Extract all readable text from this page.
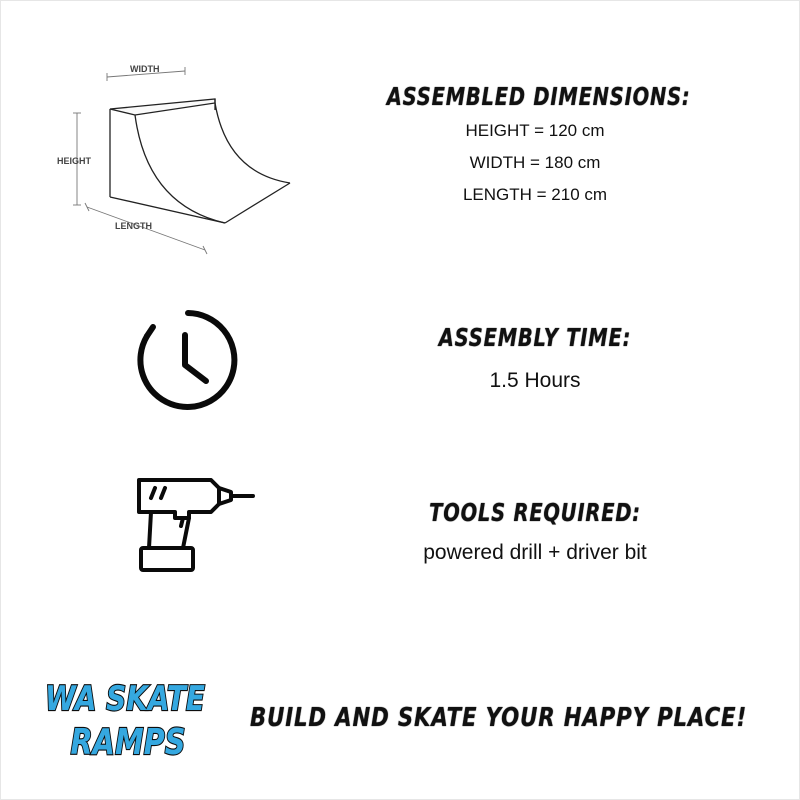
WIDTH
HEIGHT
LENGTH
ASSEMBLED DIMENSIONS:
HEIGHT = 120 cm
WIDTH = 180 cm
LENGTH = 210 cm
ASSEMBLY TIME:
1.5 Hours
TOOLS REQUIRED:
powered drill + driver bit
WA SKATE
RAMPS
BUILD AND SKATE YOUR HAPPY PLACE!
